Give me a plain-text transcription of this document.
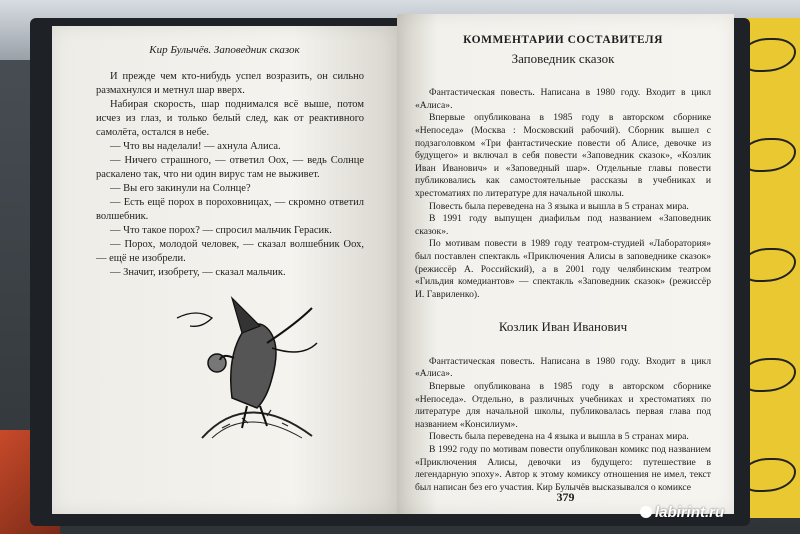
Кир Булычёв. Заповедник сказок

И прежде чем кто-нибудь успел возразить, он сильно размахнулся и метнул шар вверх.

Набирая скорость, шар поднимался всё выше, потом исчез из глаз, и только белый след, как от реактивного самолёта, остался в небе.

— Что вы наделали! — ахнула Алиса.

— Ничего страшного, — ответил Оох, — ведь Солнце раскалено так, что ни один вирус там не выживет.

— Вы его закинули на Солнце?

— Есть ещё порох в пороховницах, — скромно ответил волшебник.

— Что такое порох? — спросил мальчик Герасик.

— Порох, молодой человек, — сказал волшебник Оох, — ещё не изобрели.

— Значит, изобрету, — сказал мальчик.

КОММЕНТАРИИ СОСТАВИТЕЛЯ
Заповедник сказок

Фантастическая повесть. Написана в 1980 году. Входит в цикл «Алиса».

Впервые опубликована в 1985 году в авторском сборнике «Непоседа» (Москва : Московский рабочий). Сборник вышел с подзаголовком «Три фантастические повести об Алисе, девочке из будущего» и включал в себя повести «Заповедник сказок», «Козлик Иван Иванович» и «Заповедный шар». Отдельные главы повести публиковались как самостоятельные рассказы в учебниках и хрестоматиях по литературе для начальной школы.

Повесть была переведена на 3 языка и вышла в 5 странах мира.

В 1991 году выпущен диафильм под названием «Заповедник сказок».

По мотивам повести в 1989 году театром-студией «Лаборатория» был поставлен спектакль «Приключения Алисы в заповеднике сказок» (режиссёр А. Российский), а в 2001 году челябинским театром «Гильдия комедиантов» — спектакль «Заповедник сказок» (режиссёр И. Гавриленко).

Козлик Иван Иванович

Фантастическая повесть. Написана в 1980 году. Входит в цикл «Алиса».

Впервые опубликована в 1985 году в авторском сборнике «Непоседа». Отдельно, в различных учебниках и хрестоматиях по литературе для начальной школы, публиковалась первая глава под названием «Консилиум».

Повесть была переведена на 4 языка и вышла в 5 странах мира.

В 1992 году по мотивам повести опубликован комикс под названием «Приключения Алисы, девочки из будущего: путешествие в легендарную эпоху». Автор к этому комиксу отношения не имел, текст был написан без его участия. Кир Булычёв высказывался о комиксе

379
labirint.ru
